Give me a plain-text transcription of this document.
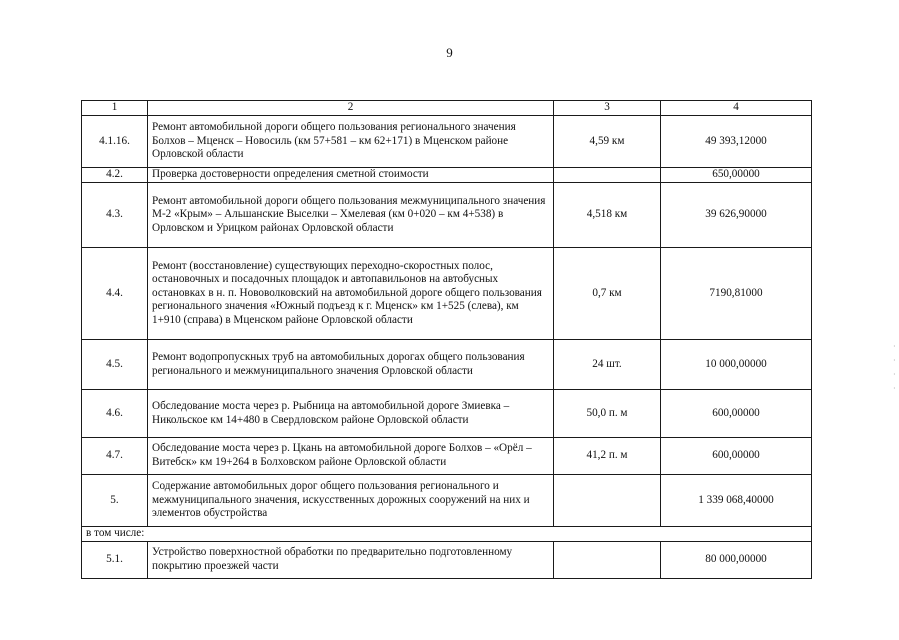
9
1	2	3	4
4.1.16.	Ремонт автомобильной дороги общего пользования регионального значения Болхов – Мценск – Новосиль (км 57+581 – км 62+171) в Мценском районе Орловской области	4,59 км	49 393,12000
4.2.	Проверка достоверности определения сметной стоимости		650,00000
4.3.	Ремонт автомобильной дороги общего пользования межмуниципального значения М-2 «Крым» – Альшанские Выселки – Хмелевая (км 0+020 – км 4+538) в Орловском и Урицком районах Орловской области	4,518 км	39 626,90000
4.4.	Ремонт (восстановление) существующих переходно-скоростных полос, остановочных и посадочных площадок и автопавильонов на автобусных остановках в н. п. Нововолковский на автомобильной дороге общего пользования регионального значения «Южный подъезд к г. Мценск» км 1+525 (слева), км 1+910 (справа) в Мценском районе Орловской области	0,7 км	7190,81000
4.5.	Ремонт водопропускных труб на автомобильных дорогах общего пользования регионального и межмуниципального значения Орловской области	24 шт.	10 000,00000
4.6.	Обследование моста через р. Рыбница на автомобильной дороге Змиевка – Никольское км 14+480 в Свердловском районе Орловской области	50,0 п. м	600,00000
4.7.	Обследование моста через р. Цкань на автомобильной дороге Болхов – «Орёл – Витебск» км 19+264 в Болховском районе Орловской области	41,2 п. м	600,00000
5.	Содержание автомобильных дорог общего пользования регионального и межмуниципального значения, искусственных дорожных сооружений на них и элементов обустройства		1 339 068,40000
в том числе:			
5.1.	Устройство поверхностной обработки по предварительно подготовленному покрытию проезжей части		80 000,00000
·
·
·
·
